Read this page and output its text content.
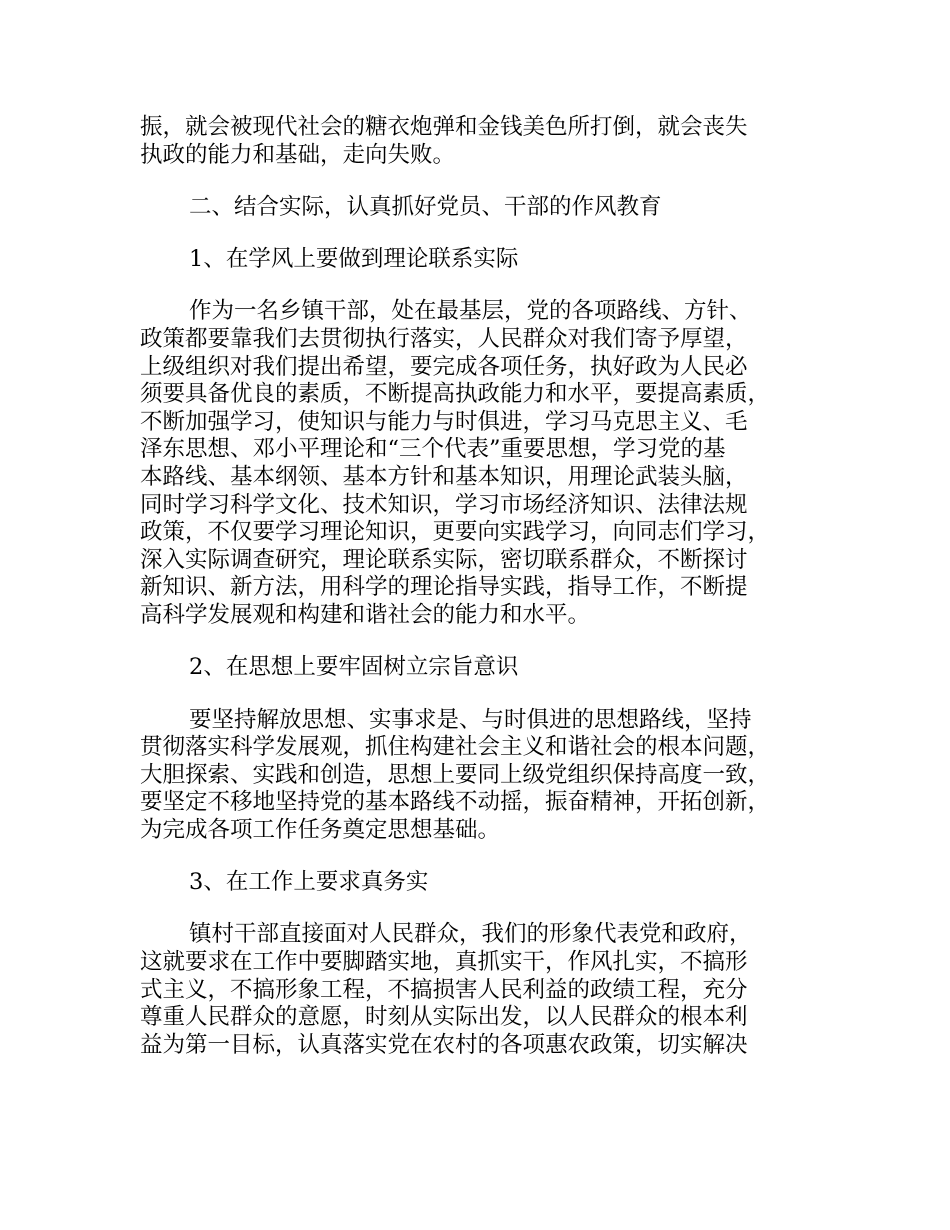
振，就会被现代社会的糖衣炮弹和金钱美色所打倒，就会丧失
执政的能力和基础，走向失败。
二、结合实际，认真抓好党员、干部的作风教育
1、在学风上要做到理论联系实际
作为一名乡镇干部，处在最基层，党的各项路线、方针、
政策都要靠我们去贯彻执行落实，人民群众对我们寄予厚望，
上级组织对我们提出希望，要完成各项任务，执好政为人民必
须要具备优良的素质，不断提高执政能力和水平，要提高素质，
不断加强学习，使知识与能力与时俱进，学习马克思主义、毛
泽东思想、邓小平理论和“三个代表”重要思想，学习党的基
本路线、基本纲领、基本方针和基本知识，用理论武装头脑，
同时学习科学文化、技术知识，学习市场经济知识、法律法规
政策，不仅要学习理论知识，更要向实践学习，向同志们学习，
深入实际调查研究，理论联系实际，密切联系群众，不断探讨
新知识、新方法，用科学的理论指导实践，指导工作，不断提
高科学发展观和构建和谐社会的能力和水平。
2、在思想上要牢固树立宗旨意识
要坚持解放思想、实事求是、与时俱进的思想路线，坚持
贯彻落实科学发展观，抓住构建社会主义和谐社会的根本问题，
大胆探索、实践和创造，思想上要同上级党组织保持高度一致，
要坚定不移地坚持党的基本路线不动摇，振奋精神，开拓创新，
为完成各项工作任务奠定思想基础。
3、在工作上要求真务实
镇村干部直接面对人民群众，我们的形象代表党和政府，
这就要求在工作中要脚踏实地，真抓实干，作风扎实，不搞形
式主义，不搞形象工程，不搞损害人民利益的政绩工程，充分
尊重人民群众的意愿，时刻从实际出发，以人民群众的根本利
益为第一目标，认真落实党在农村的各项惠农政策，切实解决
